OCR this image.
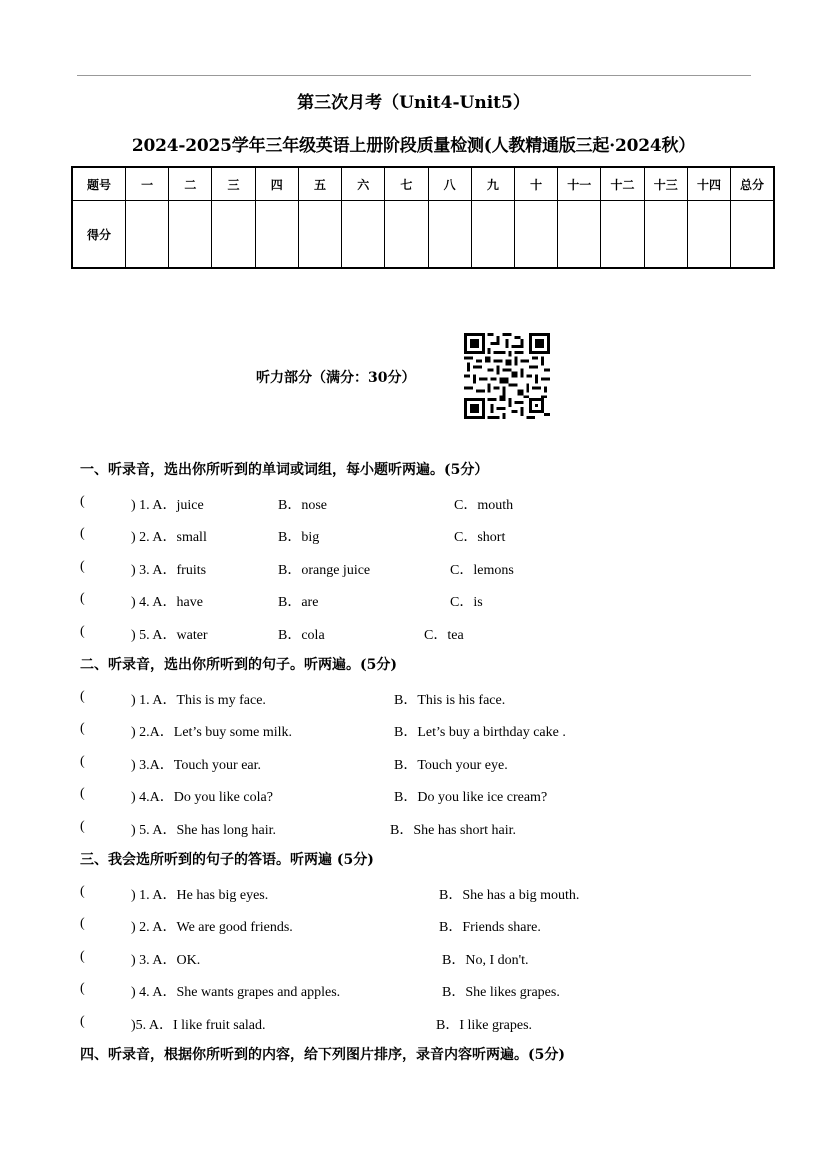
第三次月考（Unit4-Unit5）
2024-2025学年三年级英语上册阶段质量检测(人教精通版三起·2024秋）
题号	一	二	三	四	五	六	七	八	九	十	十一	十二	十三	十四	总分
得分															
听力部分（满分：30分）
一、听录音，选出你所听到的单词或词组，每小题听两遍。(5分）
(	) 1. A．juice	B．nose	C．mouth
(	) 2. A．small	B．big	C．short
(	) 3. A．fruits	B．orange juice	C．lemons
(	) 4. A．have	B．are	C．is
(	) 5. A．water	B．cola	C．tea
二、听录音，选出你所听到的句子。听两遍。(5分)
(	) 1. A．This is my face.	B．This is his face.
(	) 2.A．Let’s buy some milk.	B．Let’s buy a birthday cake .
(	) 3.A．Touch your ear.	B．Touch your eye.
(	) 4.A．Do you like cola?	B．Do you like ice cream?
(	) 5. A．She has long hair.	B．She has short hair.
三、我会选所听到的句子的答语。听两遍 (5分)
(	) 1. A．He has big eyes.	B．She has a big mouth.
(	) 2. A．We are good friends.	B．Friends share.
(	) 3. A．OK.	B．No, I don't.
(	) 4. A．She wants grapes and apples.	B．She likes grapes.
(	)5. A．I like fruit salad.	B．I like grapes.
四、听录音，根据你所听到的内容，给下列图片排序，录音内容听两遍。(5分)
